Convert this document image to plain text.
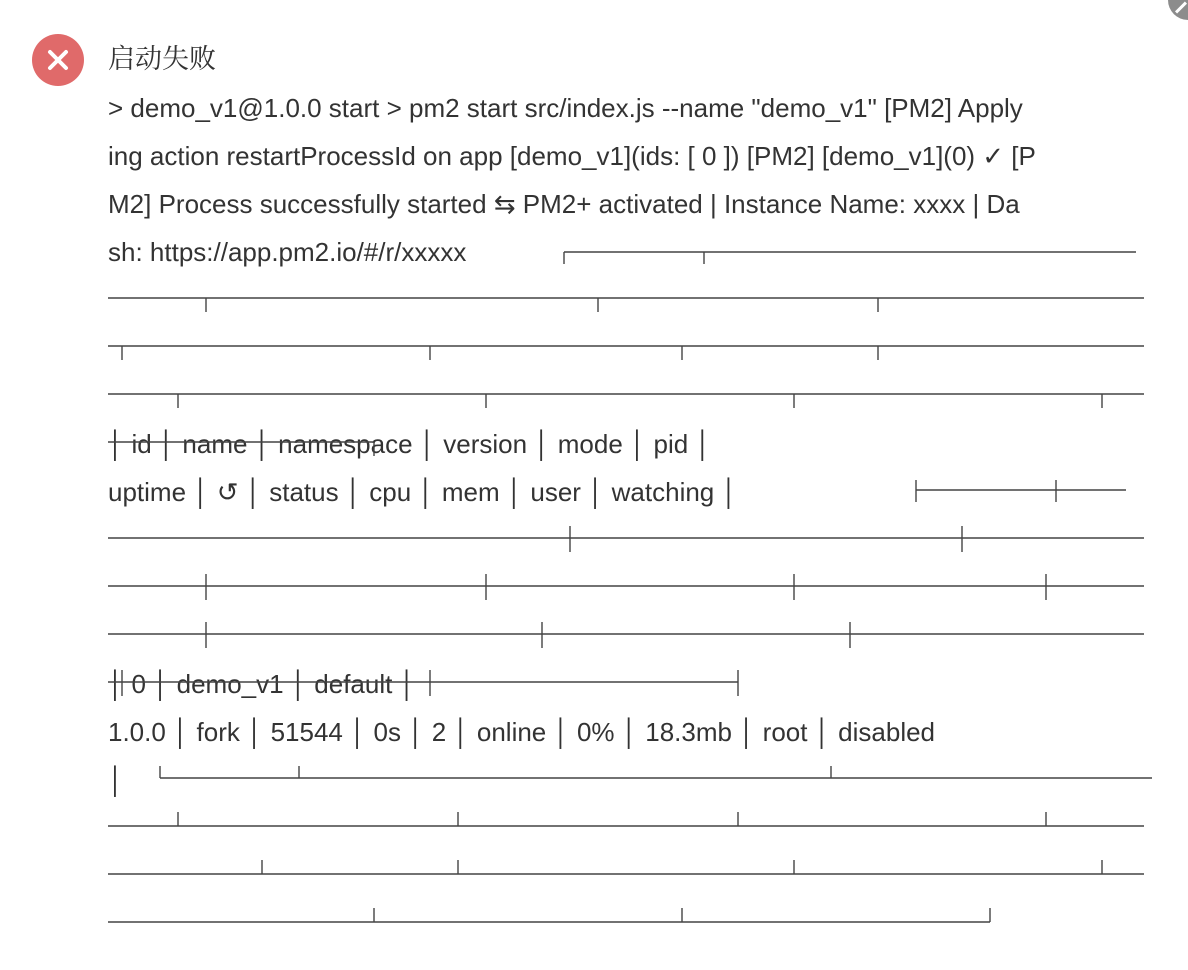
启动失败
> demo_v1@1.0.0 start > pm2 start src/index.js --name "demo_v1" [PM2] Apply
ing action restartProcessId on app [demo_v1](ids: [ 0 ]) [PM2] [demo_v1](0) ✓ [P
M2] Process successfully started ⇆ PM2+ activated | Instance Name: xxxx | Da
sh: https://app.pm2.io/#/r/xxxxx
│ id │ name │ namespace │ version │ mode │ pid │
uptime │ ↺ │ status │ cpu │ mem │ user │ watching │
│ 0 │ demo_v1 │ default │
1.0.0 │ fork │ 51544 │ 0s │ 2 │ online │ 0% │ 18.3mb │ root │ disabled
│
